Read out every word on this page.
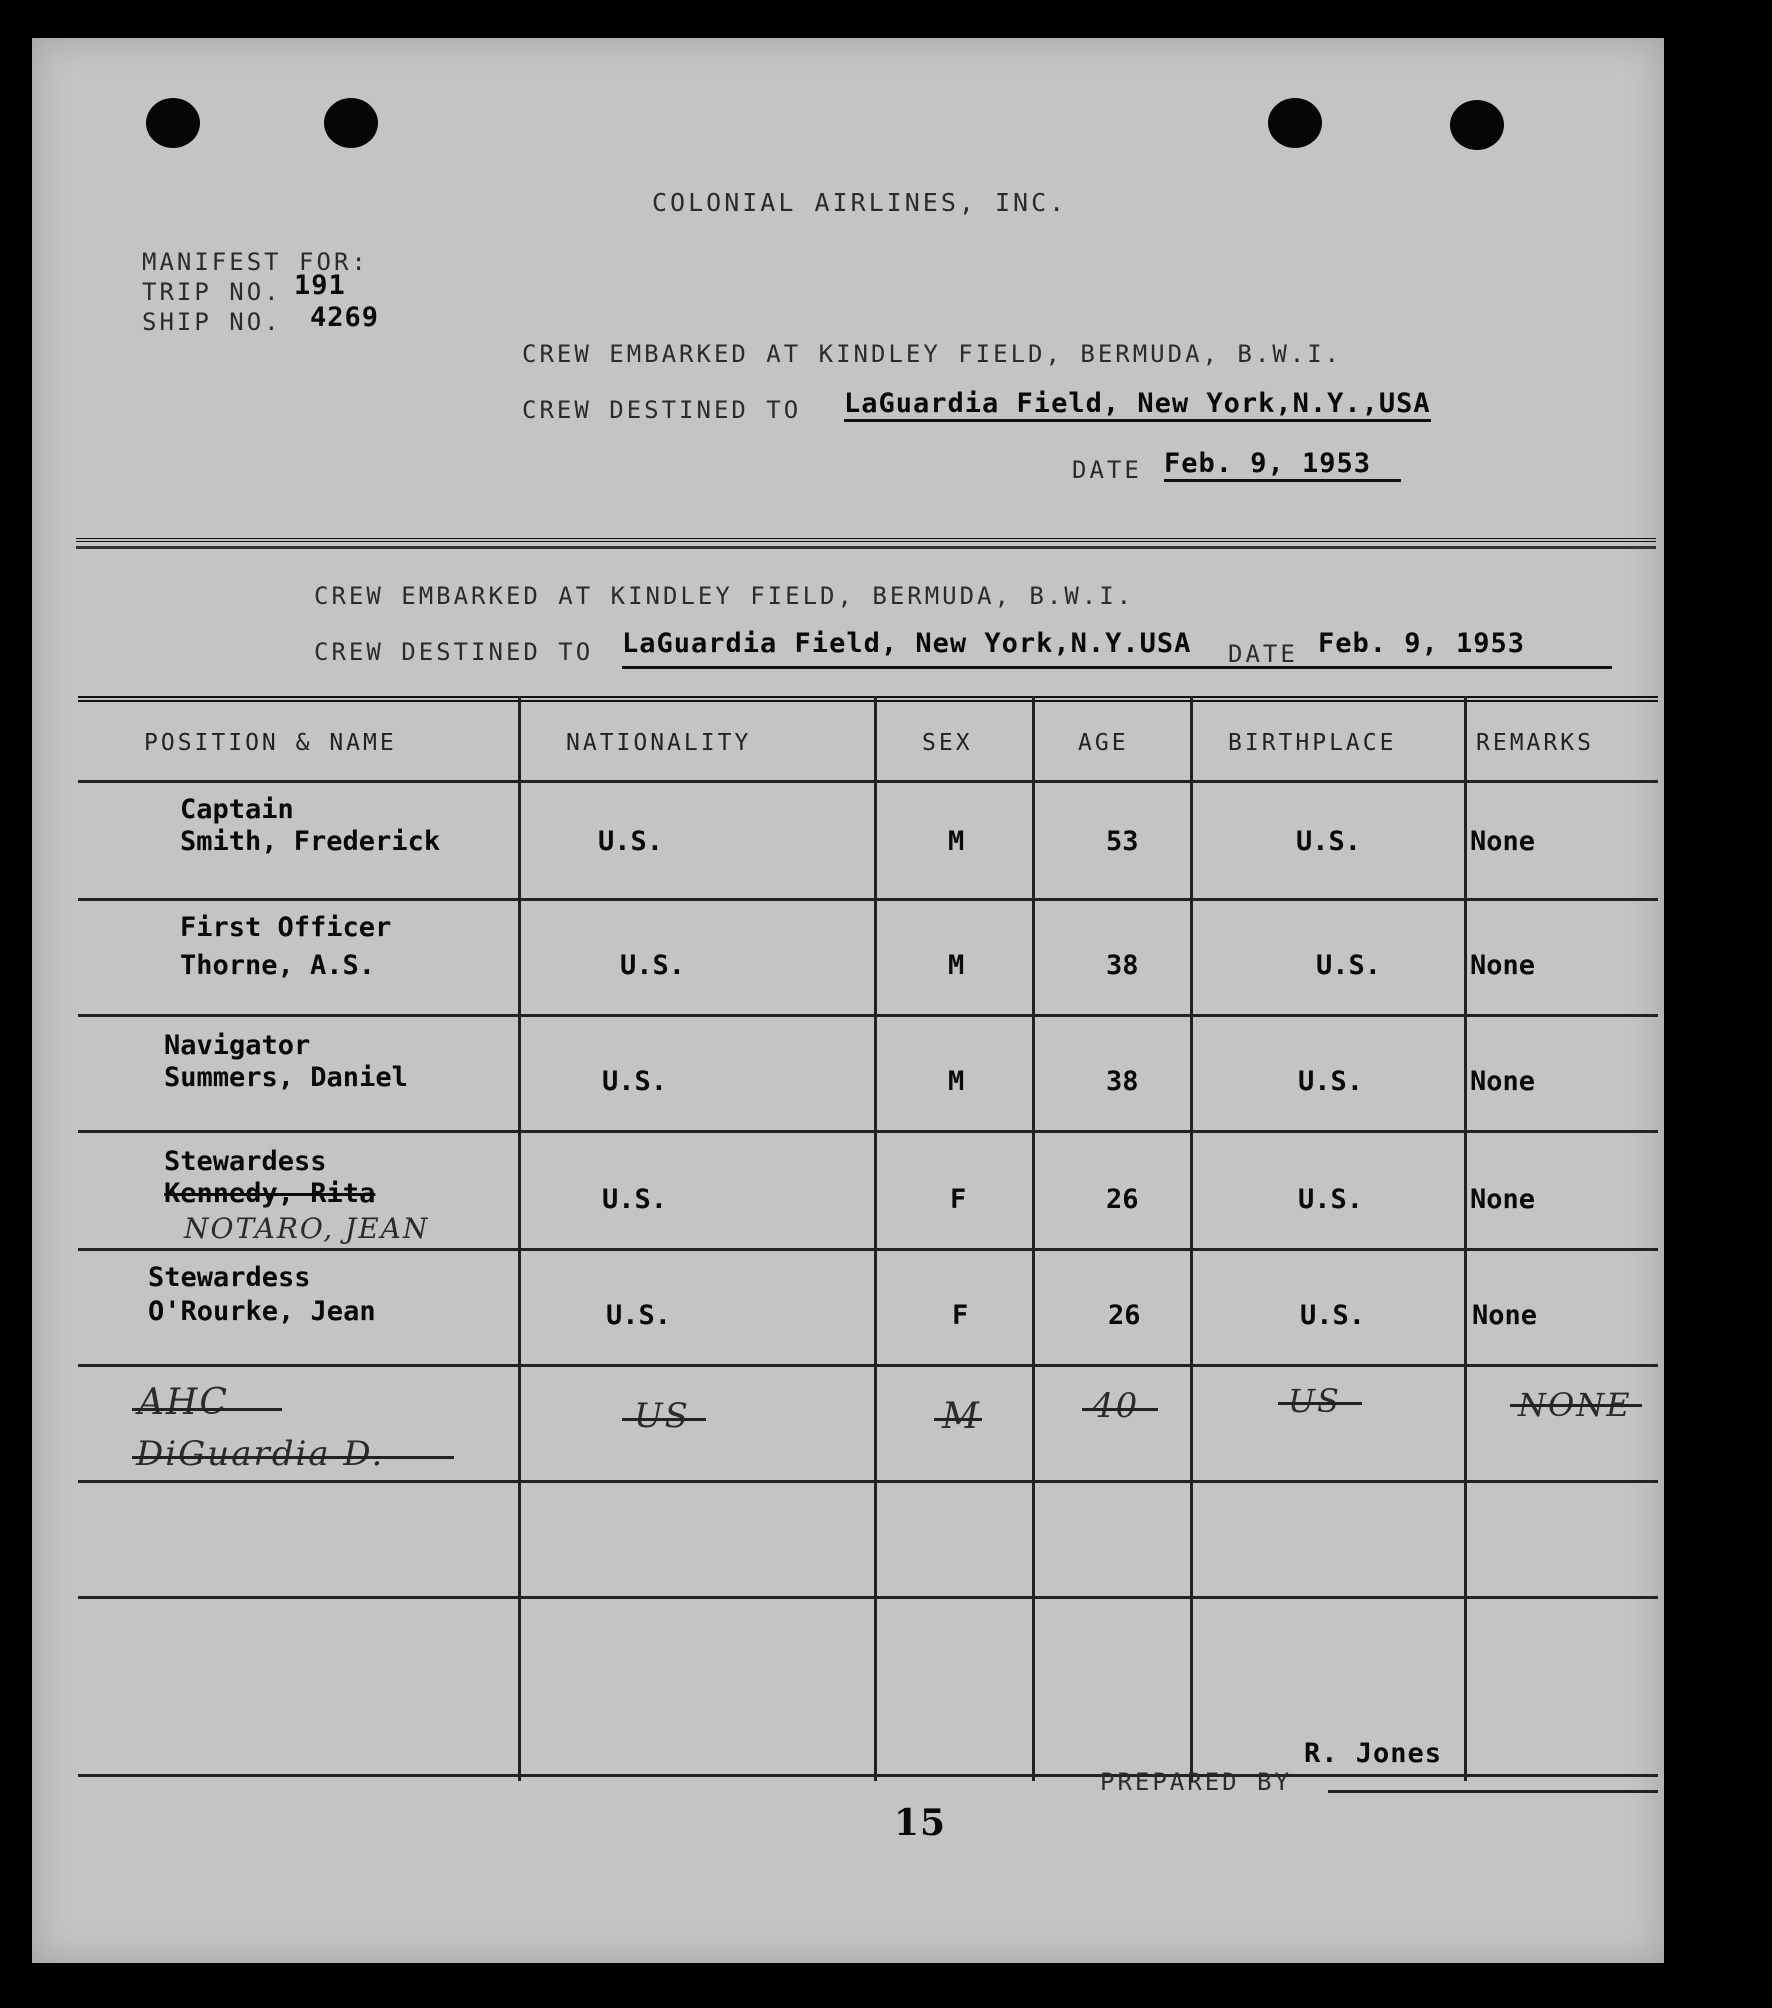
COLONIAL AIRLINES, INC.
MANIFEST FOR:
TRIP NO. 191
SHIP NO. 4269
CREW EMBARKED AT KINDLEY FIELD, BERMUDA, B.W.I.
CREW DESTINED TO LaGuardia Field, New York,N.Y.,USA
DATE Feb. 9, 1953
CREW EMBARKED AT KINDLEY FIELD, BERMUDA, B.W.I.
CREW DESTINED TO LaGuardia Field, New York,N.Y.USA DATE Feb. 9, 1953
POSITION & NAME	NATIONALITY	SEX	AGE	BIRTHPLACE	REMARKS
Captain
Smith, Frederick	U.S.	M	53	U.S.	None
First Officer
Thorne, A.S.	U.S.	M	38	U.S.	None
Navigator
Summers, Daniel	U.S.	M	38	U.S.	None
Stewardess
Kennedy, Rita
NOTARO, JEAN
U.S.	F	26	U.S.	None
Stewardess
O'Rourke, Jean	U.S.	F	26	U.S.	None
AHC
DiGuardia D.
US	M	40	US	NONE
R. Jones
PREPARED BY
15
